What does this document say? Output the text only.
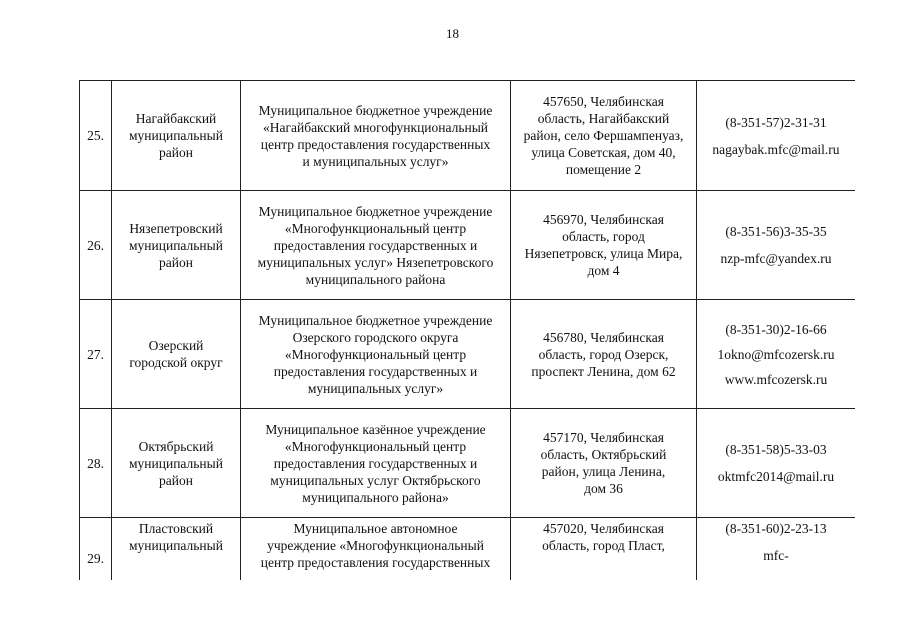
18
25.	Нагайбакский
муниципальный
район	Муниципальное бюджетное учреждение
«Нагайбакский многофункциональный
центр предоставления государственных
и муниципальных услуг»	457650, Челябинская
область, Нагайбакский
район, село Фершампенуаз,
улица Советская, дом 40,
помещение 2	(8-351-57)2-31-31
nagaybak.mfc@mail.ru

26.	Нязепетровский
муниципальный
район	Муниципальное бюджетное учреждение
«Многофункциональный центр
предоставления государственных и
муниципальных услуг» Нязепетровского
муниципального района	456970, Челябинская
область, город
Нязепетровск, улица Мира,
дом 4	(8-351-56)3-35-35
nzp-mfc@yandex.ru

27.	Озерский
городской округ	Муниципальное бюджетное учреждение
Озерского городского округа
«Многофункциональный центр
предоставления государственных и
муниципальных услуг»	456780, Челябинская
область, город Озерск,
проспект Ленина, дом 62	(8-351-30)2-16-66
1okno@mfcozersk.ru
www.mfcozersk.ru

28.	Октябрьский
муниципальный
район	Муниципальное казённое учреждение
«Многофункциональный центр
предоставления государственных и
муниципальных услуг Октябрьского
муниципального района»	457170, Челябинская
область, Октябрьский
район, улица Ленина,
дом 36	(8-351-58)5-33-03
oktmfc2014@mail.ru

29.	Пластовский
муниципальный	Муниципальное автономное
учреждение «Многофункциональный
центр предоставления государственных	457020, Челябинская
область, город Пласт,	(8-351-60)2-23-13
mfc-
